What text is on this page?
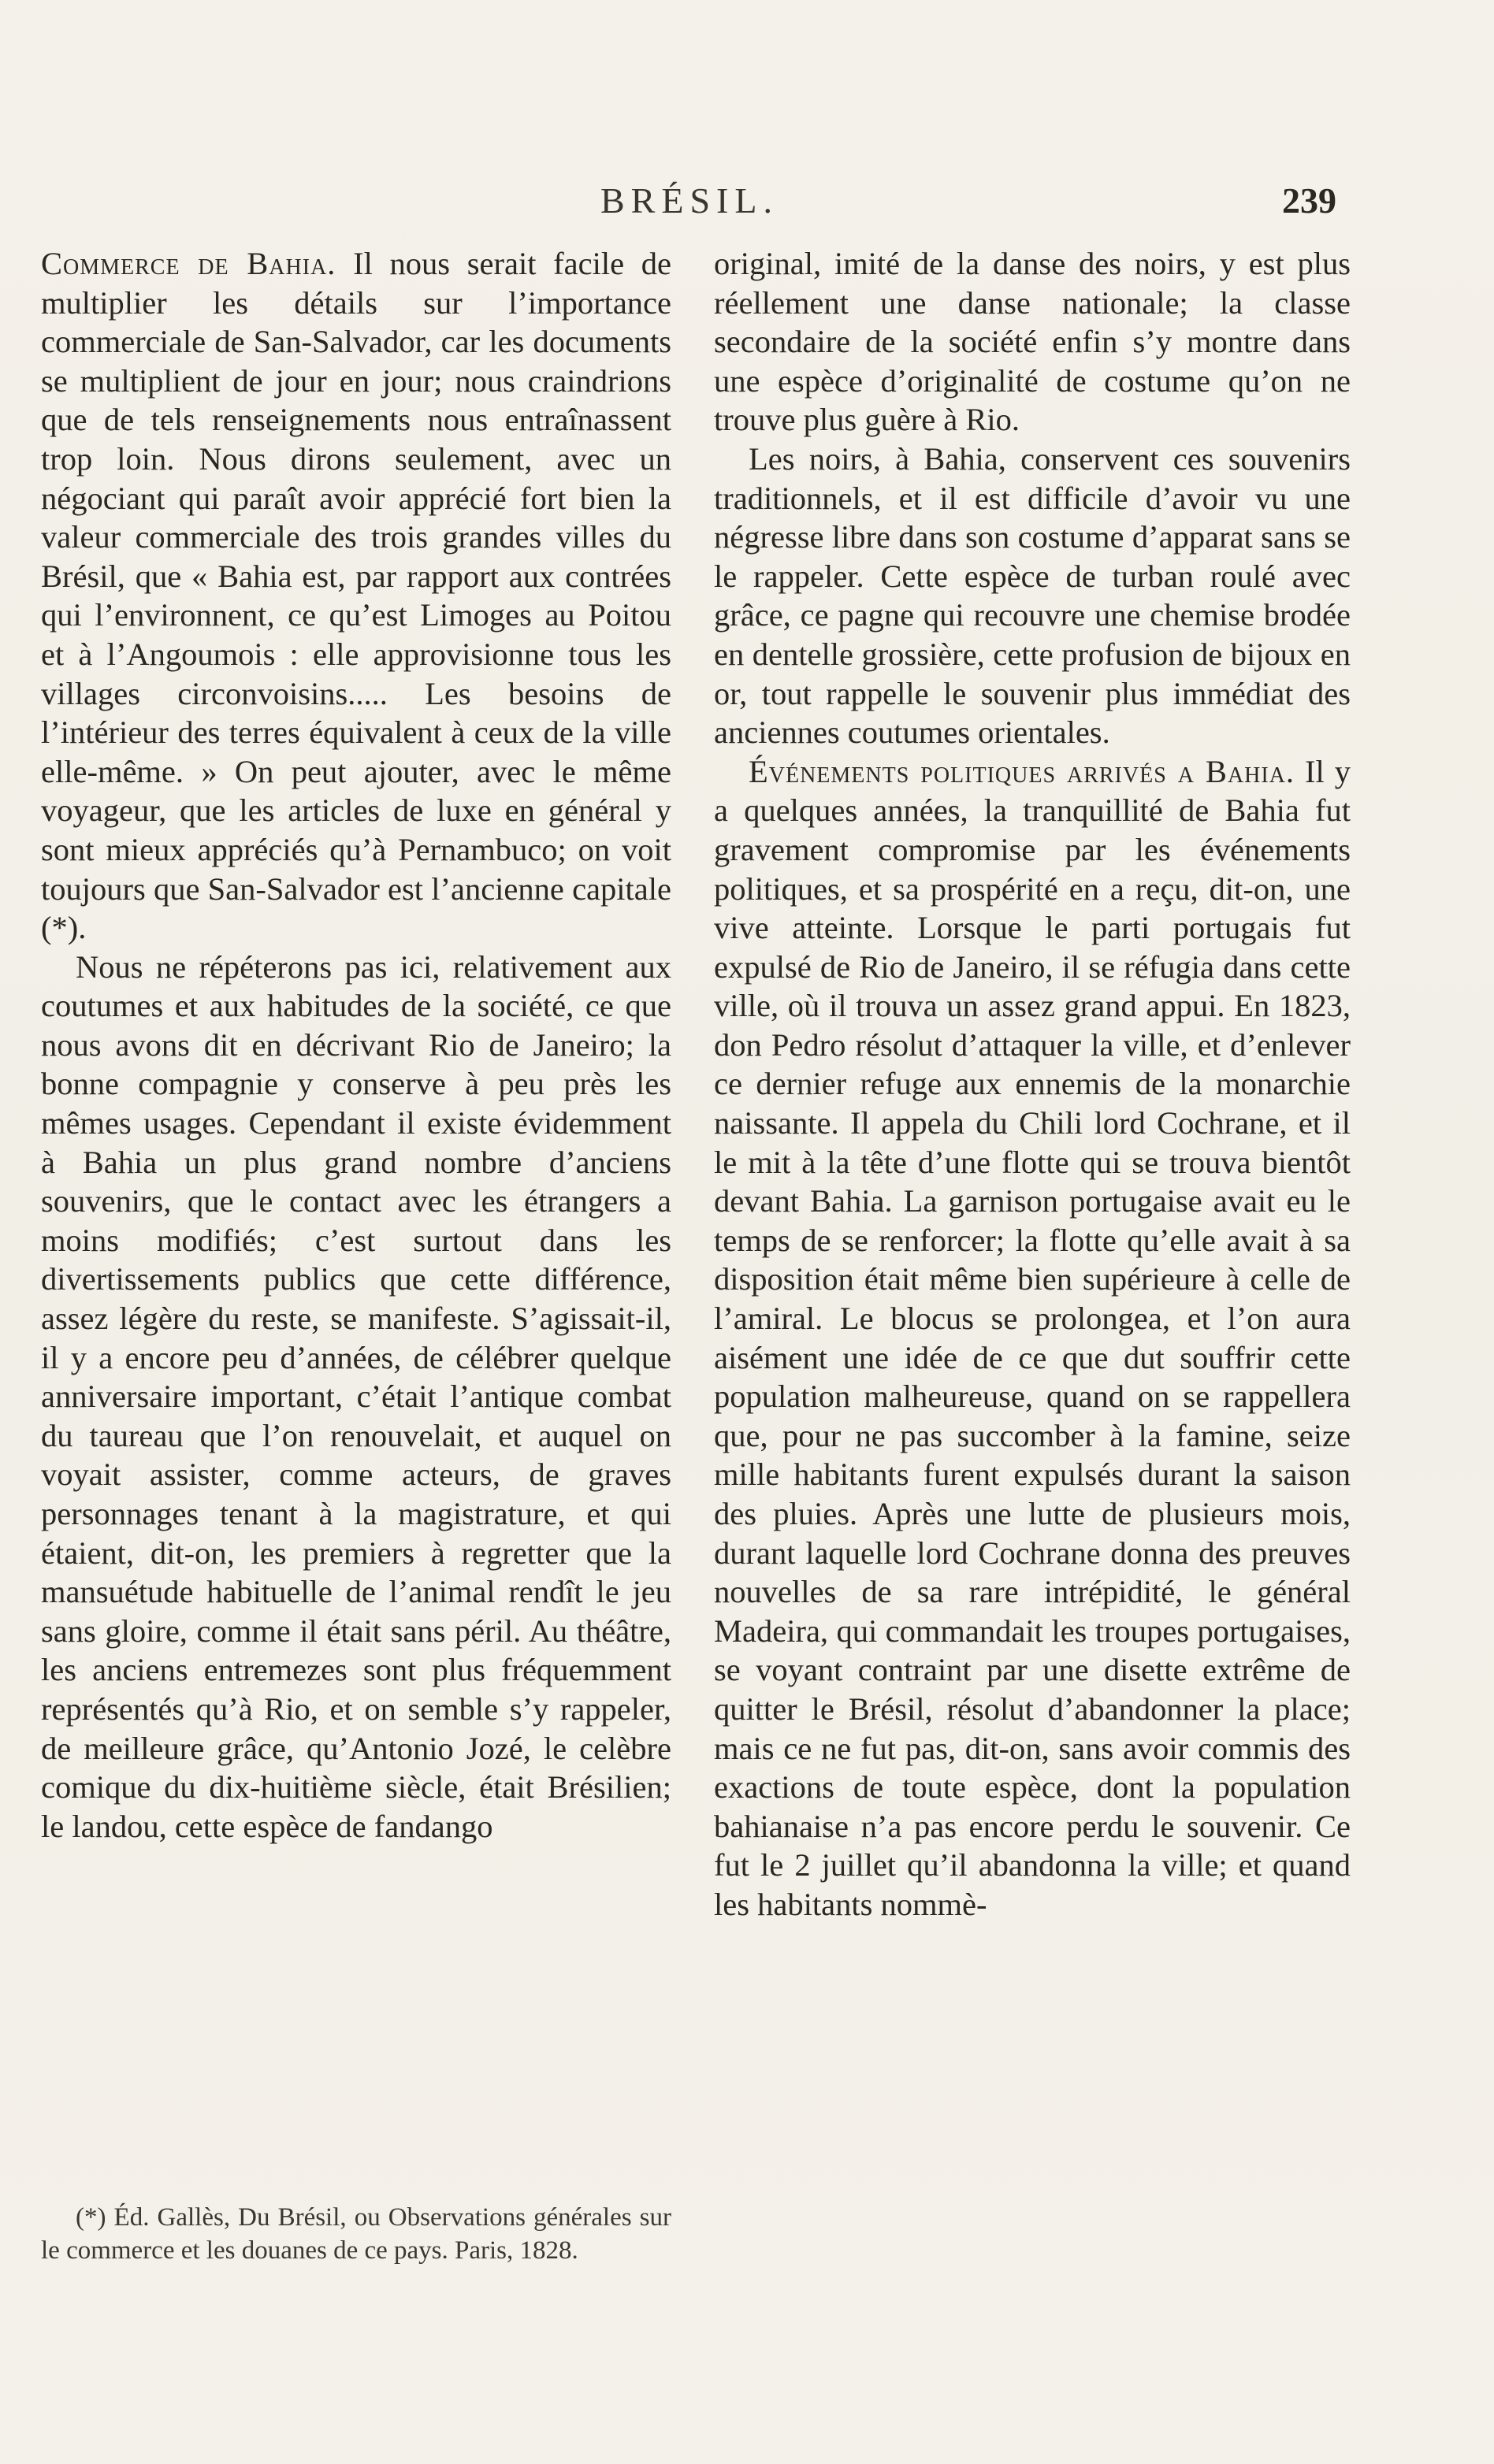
BRÉSIL.	239

Commerce de Bahia. Il nous serait facile de multiplier les détails sur l’importance commerciale de San-Salvador, car les documents se multiplient de jour en jour; nous craindrions que de tels renseignements nous entraînassent trop loin. Nous dirons seulement, avec un négociant qui paraît avoir apprécié fort bien la valeur commerciale des trois grandes villes du Brésil, que « Bahia est, par rapport aux contrées qui l’environnent, ce qu’est Limoges au Poitou et à l’Angoumois : elle approvisionne tous les villages circonvoisins..... Les besoins de l’intérieur des terres équivalent à ceux de la ville elle-même. » On peut ajouter, avec le même voyageur, que les articles de luxe en général y sont mieux appréciés qu’à Pernambuco; on voit toujours que San-Salvador est l’ancienne capitale (*).

Nous ne répéterons pas ici, relativement aux coutumes et aux habitudes de la société, ce que nous avons dit en décrivant Rio de Janeiro; la bonne compagnie y conserve à peu près les mêmes usages. Cependant il existe évidemment à Bahia un plus grand nombre d’anciens souvenirs, que le contact avec les étrangers a moins modifiés; c’est surtout dans les divertissements publics que cette différence, assez légère du reste, se manifeste. S’agissait-il, il y a encore peu d’années, de célébrer quelque anniversaire important, c’était l’antique combat du taureau que l’on renouvelait, et auquel on voyait assister, comme acteurs, de graves personnages tenant à la magistrature, et qui étaient, dit-on, les premiers à regretter que la mansuétude habituelle de l’animal rendît le jeu sans gloire, comme il était sans péril. Au théâtre, les anciens entremezes sont plus fréquemment représentés qu’à Rio, et on semble s’y rappeler, de meilleure grâce, qu’Antonio Jozé, le celèbre comique du dix-huitième siècle, était Brésilien; le landou, cette espèce de fandango

(*) Éd. Gallès, Du Brésil, ou Observations générales sur le commerce et les douanes de ce pays. Paris, 1828.

original, imité de la danse des noirs, y est plus réellement une danse nationale; la classe secondaire de la société enfin s’y montre dans une espèce d’originalité de costume qu’on ne trouve plus guère à Rio.

Les noirs, à Bahia, conservent ces souvenirs traditionnels, et il est difficile d’avoir vu une négresse libre dans son costume d’apparat sans se le rappeler. Cette espèce de turban roulé avec grâce, ce pagne qui recouvre une chemise brodée en dentelle grossière, cette profusion de bijoux en or, tout rappelle le souvenir plus immédiat des anciennes coutumes orientales.

Événements politiques arrivés a Bahia. Il y a quelques années, la tranquillité de Bahia fut gravement compromise par les événements politiques, et sa prospérité en a reçu, dit-on, une vive atteinte. Lorsque le parti portugais fut expulsé de Rio de Janeiro, il se réfugia dans cette ville, où il trouva un assez grand appui. En 1823, don Pedro résolut d’attaquer la ville, et d’enlever ce dernier refuge aux ennemis de la monarchie naissante. Il appela du Chili lord Cochrane, et il le mit à la tête d’une flotte qui se trouva bientôt devant Bahia. La garnison portugaise avait eu le temps de se renforcer; la flotte qu’elle avait à sa disposition était même bien supérieure à celle de l’amiral. Le blocus se prolongea, et l’on aura aisément une idée de ce que dut souffrir cette population malheureuse, quand on se rappellera que, pour ne pas succomber à la famine, seize mille habitants furent expulsés durant la saison des pluies. Après une lutte de plusieurs mois, durant laquelle lord Cochrane donna des preuves nouvelles de sa rare intrépidité, le général Madeira, qui commandait les troupes portugaises, se voyant contraint par une disette extrême de quitter le Brésil, résolut d’abandonner la place; mais ce ne fut pas, dit-on, sans avoir commis des exactions de toute espèce, dont la population bahianaise n’a pas encore perdu le souvenir. Ce fut le 2 juillet qu’il abandonna la ville; et quand les habitants nommè-
